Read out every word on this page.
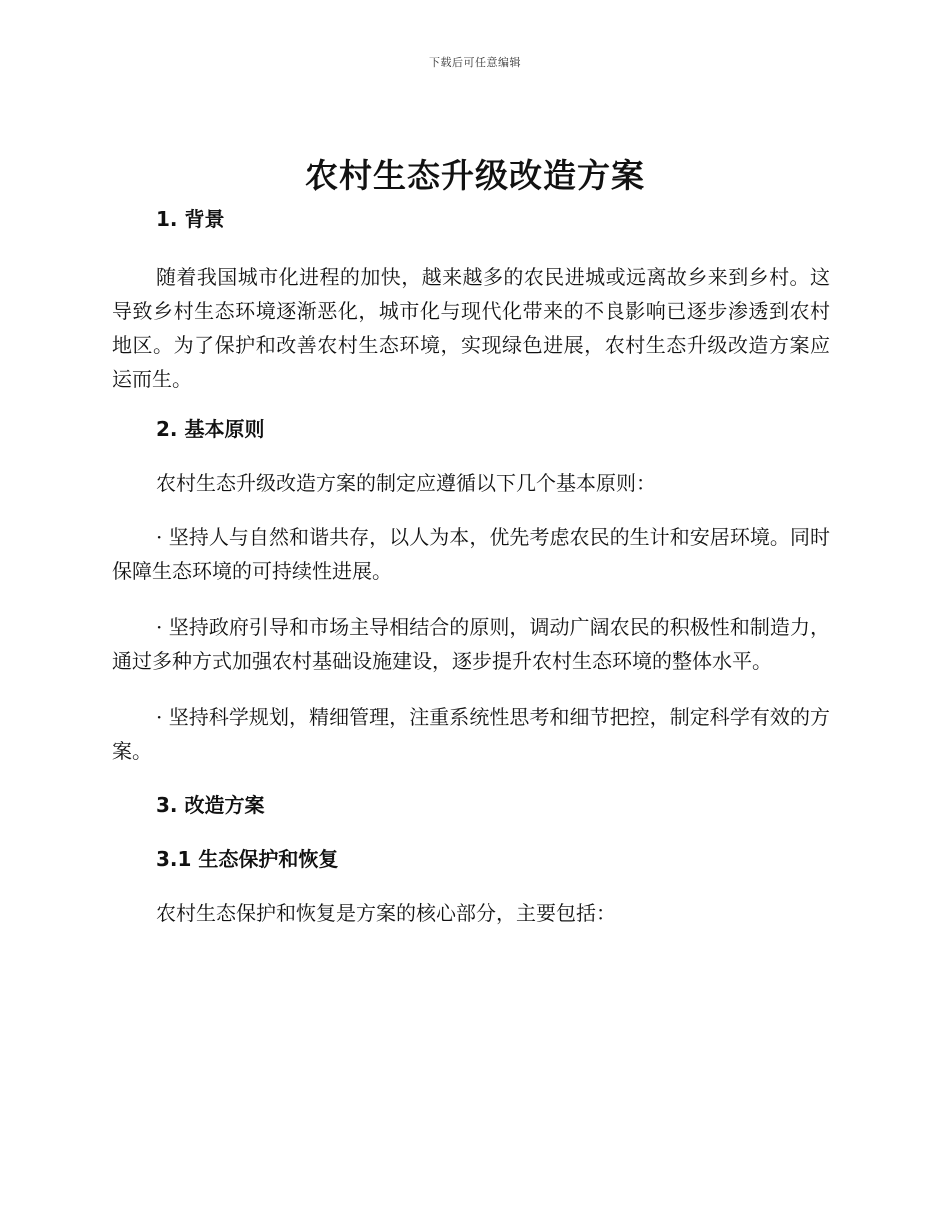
下载后可任意编辑
农村生态升级改造方案

1. 背景

随着我国城市化进程的加快，越来越多的农民进城或远离故乡来到乡村。这导致乡村生态环境逐渐恶化，城市化与现代化带来的不良影响已逐步渗透到农村地区。为了保护和改善农村生态环境，实现绿色进展，农村生态升级改造方案应运而生。

2. 基本原则

农村生态升级改造方案的制定应遵循以下几个基本原则：

· 坚持人与自然和谐共存，以人为本，优先考虑农民的生计和安居环境。同时保障生态环境的可持续性进展。

· 坚持政府引导和市场主导相结合的原则，调动广阔农民的积极性和制造力，通过多种方式加强农村基础设施建设，逐步提升农村生态环境的整体水平。

· 坚持科学规划，精细管理，注重系统性思考和细节把控，制定科学有效的方案。

3. 改造方案

3.1 生态保护和恢复

农村生态保护和恢复是方案的核心部分，主要包括：
